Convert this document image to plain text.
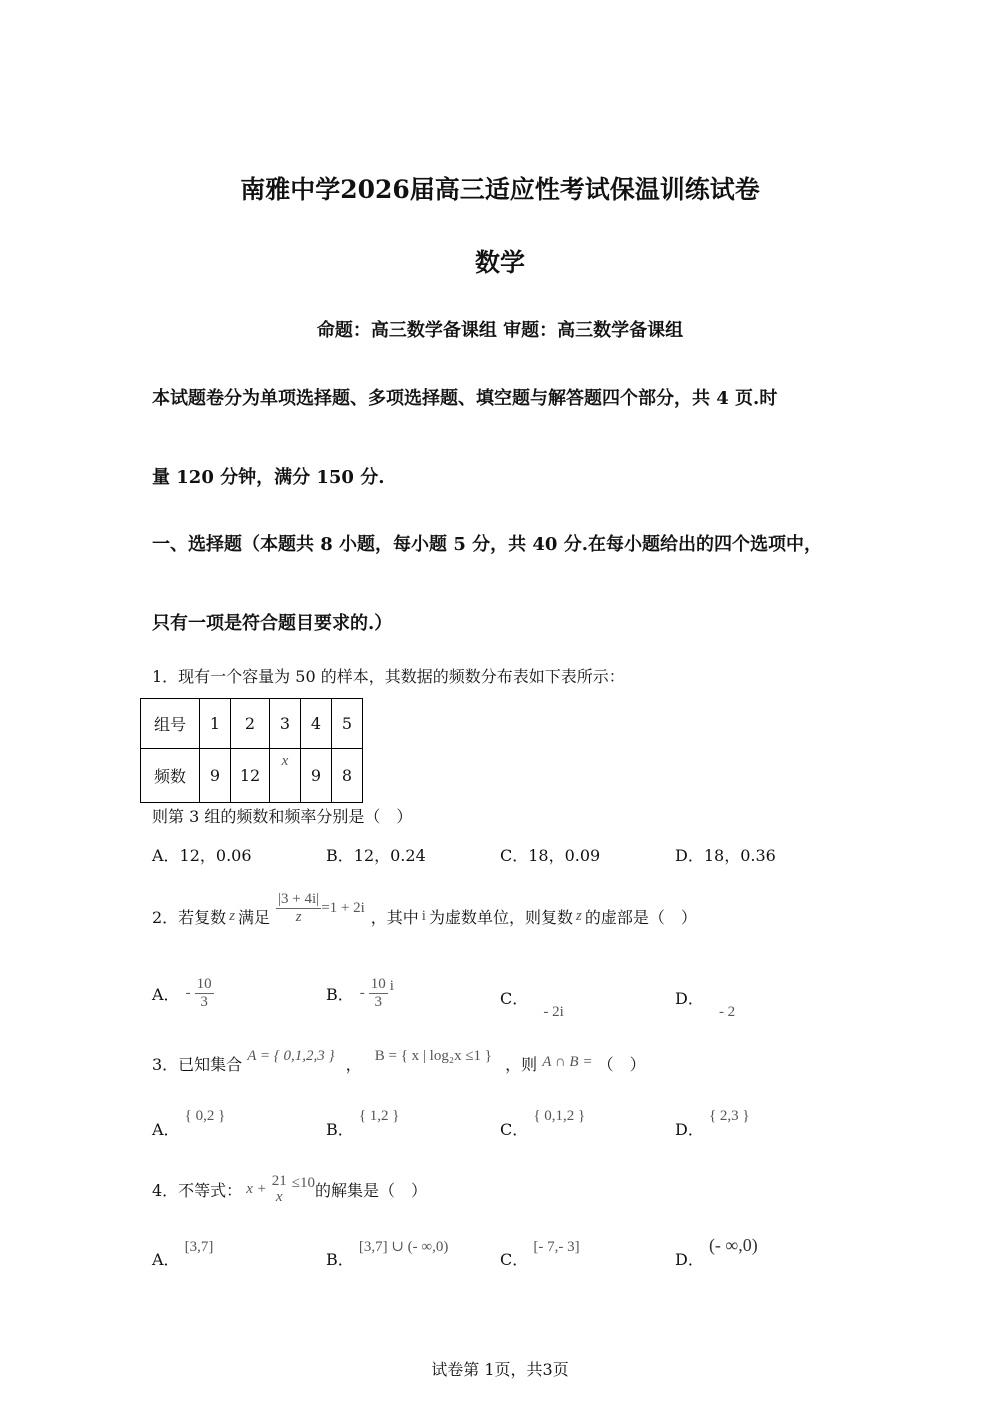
南雅中学2026届高三适应性考试保温训练试卷
数学
命题：高三数学备课组 审题：高三数学备课组
本试题卷分为单项选择题、多项选择题、填空题与解答题四个部分，共 4 页.时
量 120 分钟，满分 150 分.
一、选择题（本题共 8 小题，每小题 5 分，共 40 分.在每小题给出的四个选项中，
只有一项是符合题目要求的.）
1．现有一个容量为 50 的样本，其数据的频数分布表如下表所示：
组号	1	2	3	4	5
频数	9	12	x	9	8
则第 3 组的频数和频率分别是（　）
A．12，0.06	B．12，0.24	C．18，0.09	D．18，0.36
2．若复数 z 满足 $\frac{|3 + 4i|}{z} =1 + 2i$ ，其中 i 为虚数单位，则复数 z 的虚部是（　）
A． - $\frac{10}{3}$	B． - $\frac{10}{3}$ i
C． - 2i
D． - 2
3．已知集合 A = { 0,1,2,3 } ， B = { x | log₂x ≤1 } ，则 A ∩ B = （　）
A． { 0,2 }
B． { 1,2 }
C． { 0,1,2 }
D． { 2,3 }
4．不等式： x + 21
x
≤10 的解集是（　）
A． [3,7]
B． [3,7] ∪ (- ∞,0)
C． [- 7,- 3]
D． (- ∞,0)
试卷第 1页，共3页
